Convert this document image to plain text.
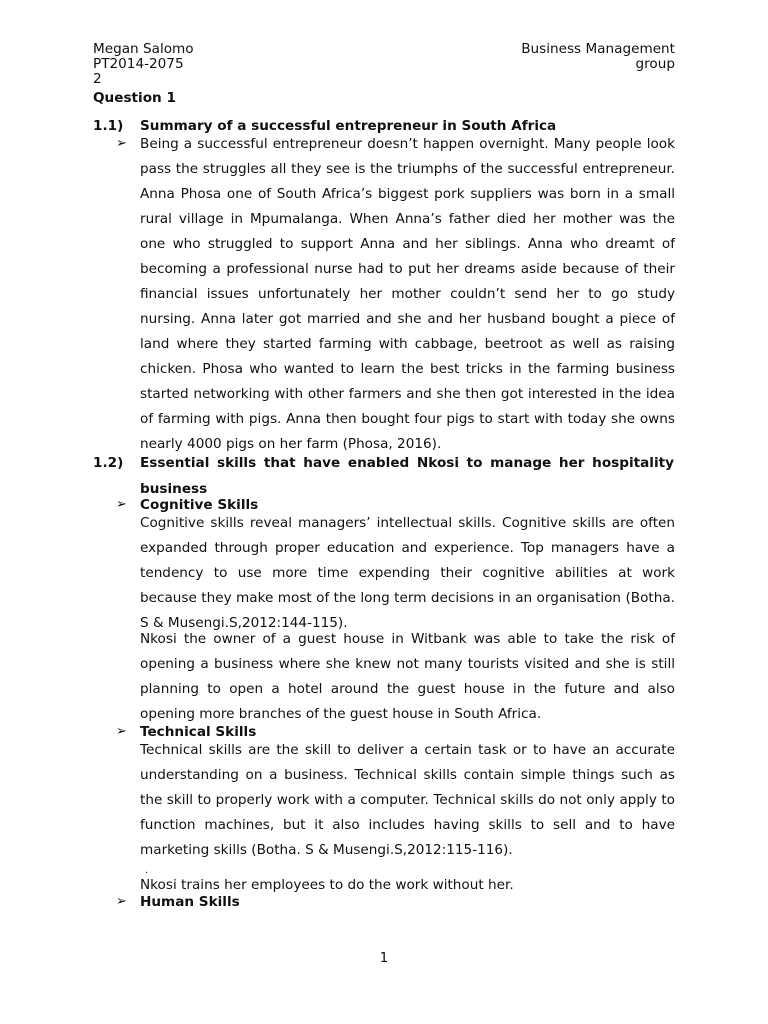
Megan Salomo
PT2014-2075
2
Business Management
group
Question 1
1.1) Summary of a successful entrepreneur in South Africa
➢ Being a successful entrepreneur doesn’t happen overnight. Many people look pass the struggles all they see is the triumphs of the successful entrepreneur. Anna Phosa one of South Africa’s biggest pork suppliers was born in a small rural village in Mpumalanga. When Anna’s father died her mother was the one who struggled to support Anna and her siblings. Anna who dreamt of becoming a professional nurse had to put her dreams aside because of their financial issues unfortunately her mother couldn’t send her to go study nursing. Anna later got married and she and her husband bought a piece of land where they started farming with cabbage, beetroot as well as raising chicken. Phosa who wanted to learn the best tricks in the farming business started networking with other farmers and she then got interested in the idea of farming with pigs. Anna then bought four pigs to start with today she owns nearly 4000 pigs on her farm (Phosa, 2016).

1.2) Essential skills that have enabled Nkosi to manage her hospitality business
➢ Cognitive Skills

Cognitive skills reveal managers’ intellectual skills. Cognitive skills are often expanded through proper education and experience. Top managers have a tendency to use more time expending their cognitive abilities at work because they make most of the long term decisions in an organisation (Botha. S & Musengi.S,2012:144-115).

Nkosi the owner of a guest house in Witbank was able to take the risk of opening a business where she knew not many tourists visited and she is still planning to open a hotel around the guest house in the future and also opening more branches of the guest house in South Africa.

➢ Technical Skills

Technical skills are the skill to deliver a certain task or to have an accurate understanding on a business. Technical skills contain simple things such as the skill to properly work with a computer. Technical skills do not only apply to function machines, but it also includes having skills to sell and to have marketing skills (Botha. S & Musengi.S,2012:115-116).

.
Nkosi trains her employees to do the work without her.
➢ Human Skills
1
